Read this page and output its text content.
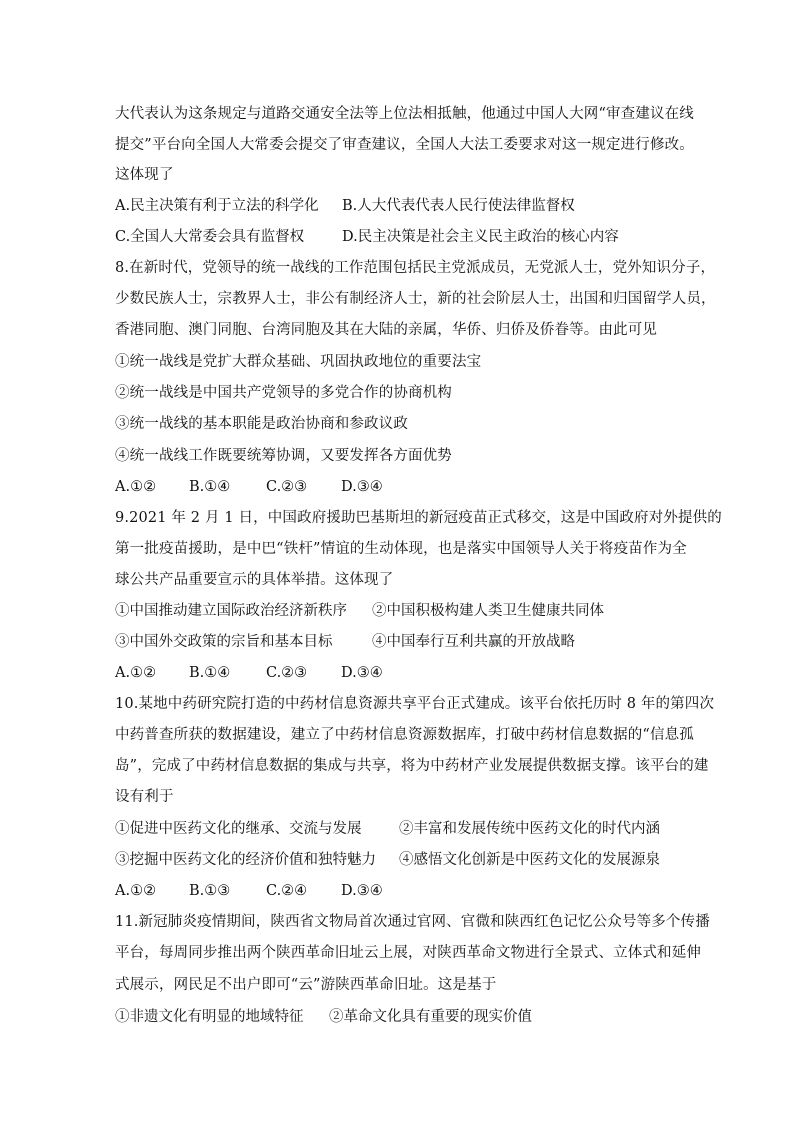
大代表认为这条规定与道路交通安全法等上位法相抵触，他通过中国人大网“审查建议在线
提交”平台向全国人大常委会提交了审查建议，全国人大法工委要求对这一规定进行修改。
这体现了
A.民主决策有利于立法的科学化 B.人大代表代表人民行使法律监督权
C.全国人大常委会具有监督权	D.民主决策是社会主义民主政治的核心内容
8.在新时代，党领导的统一战线的工作范围包括民主党派成员，无党派人士，党外知识分子，
少数民族人士，宗教界人士，非公有制经济人士，新的社会阶层人士，出国和归国留学人员，
香港同胞、澳门同胞、台湾同胞及其在大陆的亲属，华侨、归侨及侨眷等。由此可见
①统一战线是党扩大群众基础、巩固执政地位的重要法宝
②统一战线是中国共产党领导的多党合作的协商机构
③统一战线的基本职能是政治协商和参政议政
④统一战线工作既要统筹协调，又要发挥各方面优势
A.①② B.①④ C.②③ D.③④
9.2021 年 2 月 1 日，中国政府援助巴基斯坦的新冠疫苗正式移交，这是中国政府对外提供的
第一批疫苗援助，是中巴“铁杆”情谊的生动体现，也是落实中国领导人关于将疫苗作为全
球公共产品重要宣示的具体举措。这体现了
①中国推动建立国际政治经济新秩序 ②中国积极构建人类卫生健康共同体
③中国外交政策的宗旨和基本目标	④中国奉行互利共赢的开放战略
A.①② B.①④ C.②③ D.③④
10.某地中药研究院打造的中药材信息资源共享平台正式建成。该平台依托历时 8 年的第四次
中药普查所获的数据建设，建立了中药材信息资源数据库，打破中药材信息数据的“信息孤
岛”，完成了中药材信息数据的集成与共享，将为中药材产业发展提供数据支撑。该平台的建
设有利于
①促进中医药文化的继承、交流与发展	②丰富和发展传统中医药文化的时代内涵
③挖掘中医药文化的经济价值和独特魅力 ④感悟文化创新是中医药文化的发展源泉
A.①② B.①③ C.②④ D.③④
11.新冠肺炎疫情期间，陕西省文物局首次通过官网、官微和陕西红色记忆公众号等多个传播
平台，每周同步推出两个陕西革命旧址云上展，对陕西革命文物进行全景式、立体式和延伸
式展示，网民足不出户即可“云”游陕西革命旧址。这是基于
①非遗文化有明显的地域特征 ②革命文化具有重要的现实价值
